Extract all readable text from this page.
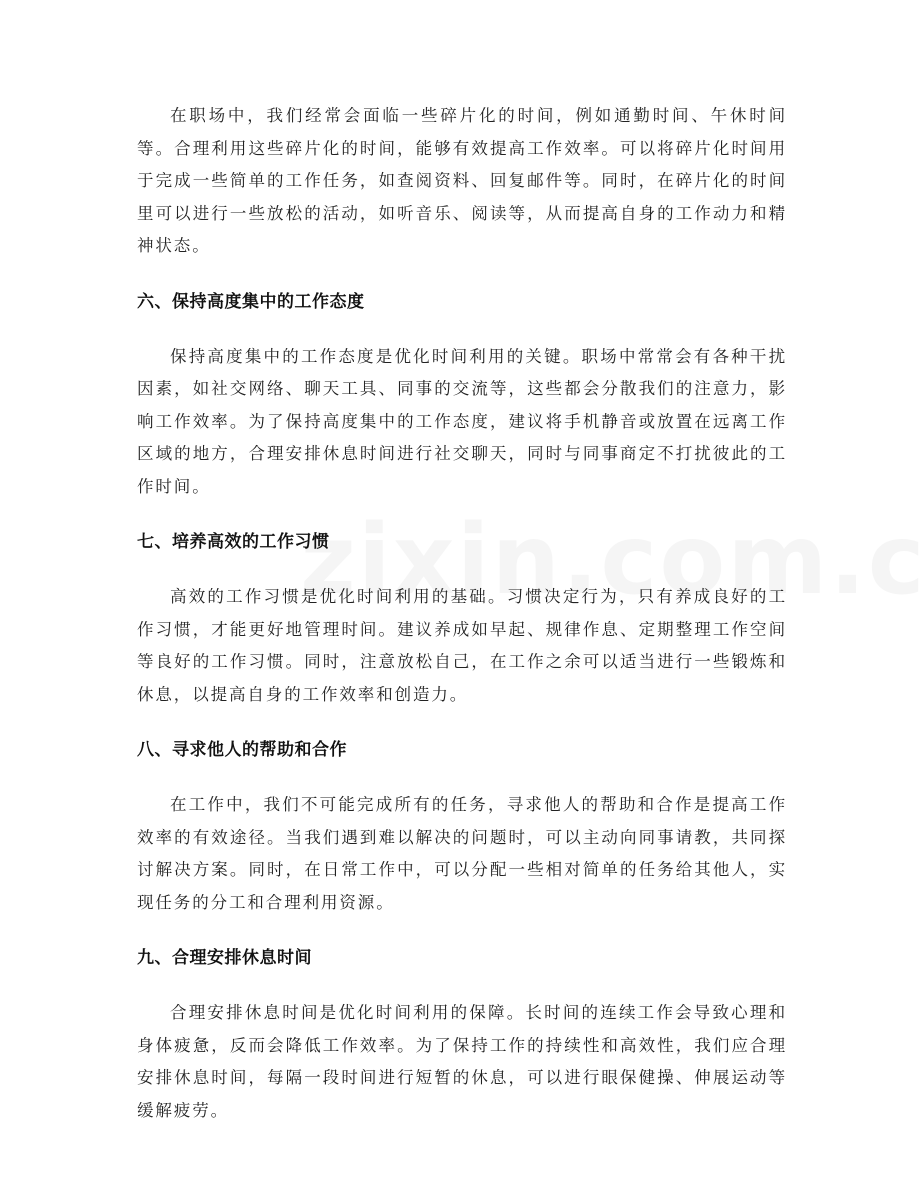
在职场中，我们经常会面临一些碎片化的时间，例如通勤时间、午休时间等。合理利用这些碎片化的时间，能够有效提高工作效率。可以将碎片化时间用于完成一些简单的工作任务，如查阅资料、回复邮件等。同时，在碎片化的时间里可以进行一些放松的活动，如听音乐、阅读等，从而提高自身的工作动力和精神状态。

六、保持高度集中的工作态度

保持高度集中的工作态度是优化时间利用的关键。职场中常常会有各种干扰因素，如社交网络、聊天工具、同事的交流等，这些都会分散我们的注意力，影响工作效率。为了保持高度集中的工作态度，建议将手机静音或放置在远离工作区域的地方，合理安排休息时间进行社交聊天，同时与同事商定不打扰彼此的工作时间。

七、培养高效的工作习惯

高效的工作习惯是优化时间利用的基础。习惯决定行为，只有养成良好的工作习惯，才能更好地管理时间。建议养成如早起、规律作息、定期整理工作空间等良好的工作习惯。同时，注意放松自己，在工作之余可以适当进行一些锻炼和休息，以提高自身的工作效率和创造力。

八、寻求他人的帮助和合作

在工作中，我们不可能完成所有的任务，寻求他人的帮助和合作是提高工作效率的有效途径。当我们遇到难以解决的问题时，可以主动向同事请教，共同探讨解决方案。同时，在日常工作中，可以分配一些相对简单的任务给其他人，实现任务的分工和合理利用资源。

九、合理安排休息时间

合理安排休息时间是优化时间利用的保障。长时间的连续工作会导致心理和身体疲惫，反而会降低工作效率。为了保持工作的持续性和高效性，我们应合理安排休息时间，每隔一段时间进行短暂的休息，可以进行眼保健操、伸展运动等缓解疲劳。
